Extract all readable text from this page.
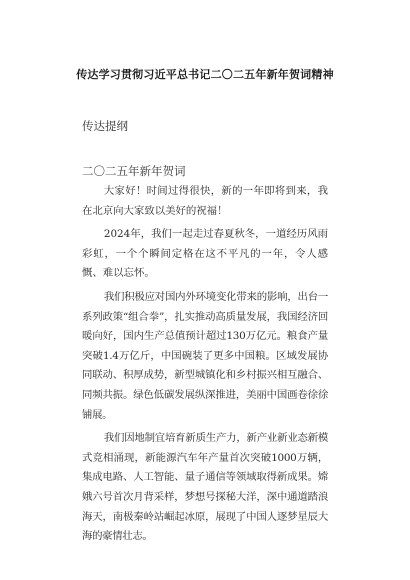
传达学习贯彻习近平总书记二〇二五年新年贺词精神
传达提纲
二〇二五年新年贺词

大家好！时间过得很快，新的一年即将到来，我在北京向大家致以美好的祝福！

2024年，我们一起走过春夏秋冬，一道经历风雨彩虹，一个个瞬间定格在这不平凡的一年，令人感慨、难以忘怀。

我们积极应对国内外环境变化带来的影响，出台一系列政策“组合拳”，扎实推动高质量发展，我国经济回暖向好，国内生产总值预计超过130万亿元。粮食产量突破1.4万亿斤，中国碗装了更多中国粮。区域发展协同联动、积厚成势，新型城镇化和乡村振兴相互融合、同频共振。绿色低碳发展纵深推进，美丽中国画卷徐徐铺展。

我们因地制宜培育新质生产力，新产业新业态新模式竞相涌现，新能源汽车年产量首次突破1000万辆，集成电路、人工智能、量子通信等领域取得新成果。嫦娥六号首次月背采样，梦想号探秘大洋，深中通道踏浪海天，南极秦岭站崛起冰原，展现了中国人逐梦星辰大海的豪情壮志。
